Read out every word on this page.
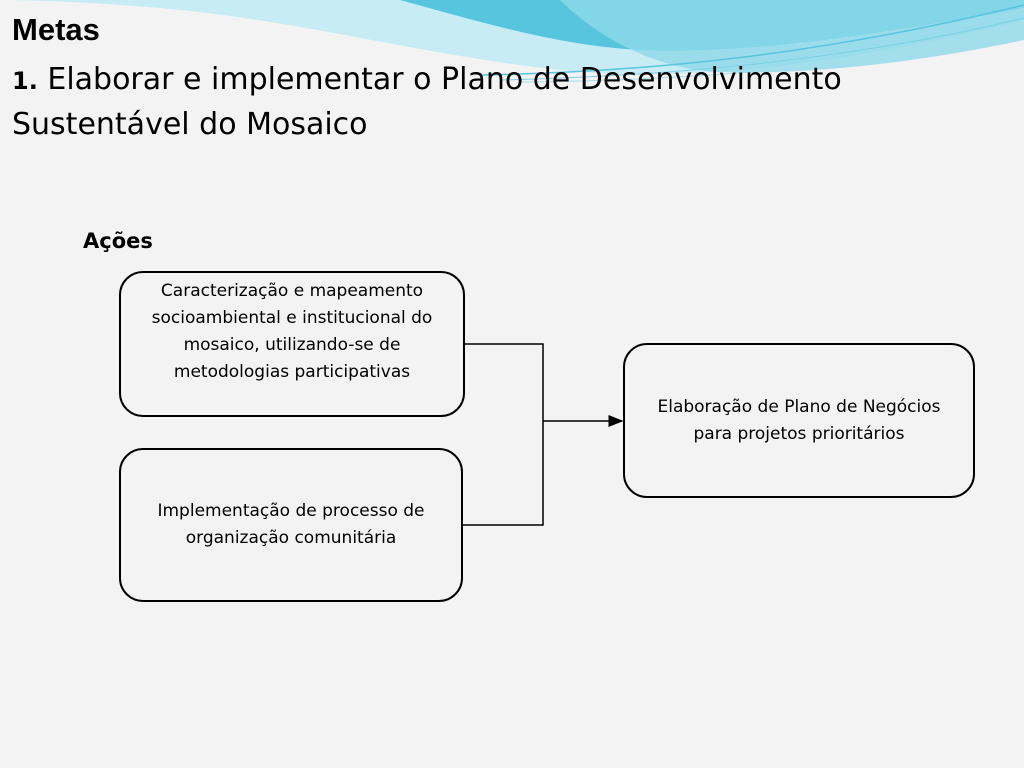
Metas
1. Elaborar e implementar o Plano de Desenvolvimento Sustentável do Mosaico
Ações
Caracterização e mapeamento socioambiental e institucional do mosaico, utilizando-se de metodologias participativas
Implementação de processo de organização comunitária
Elaboração de Plano de Negócios para projetos prioritários
